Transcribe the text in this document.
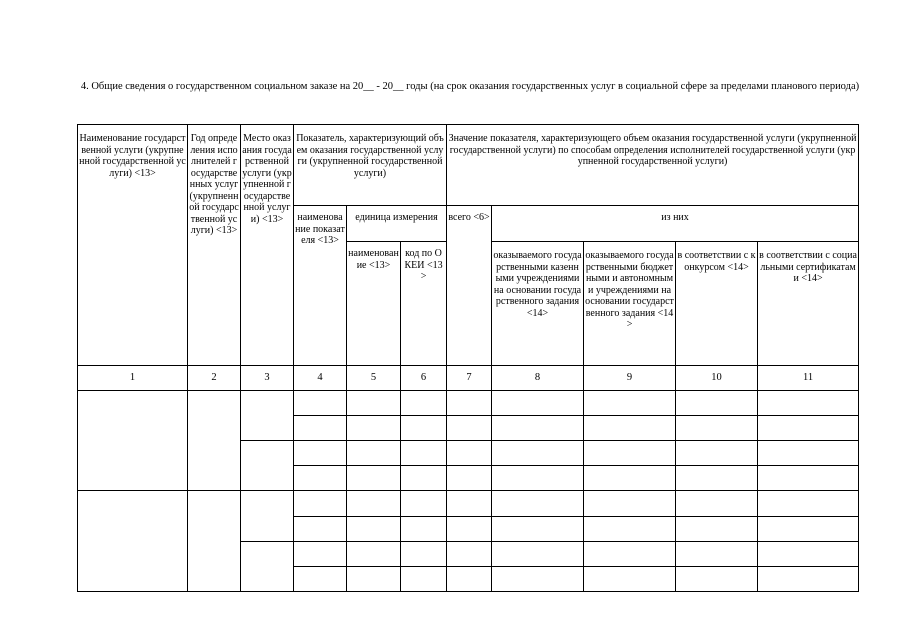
4. Общие сведения о государственном социальном заказе на 20__ - 20__ годы (на срок оказания государственных услуг в социальной сфере за пределами планового периода)
Наименование государственной услуги (укрупненной государственной услуги) <13>	Год определения исполнителей государственных услуг (укрупненной государственной услуги) <13>	Место оказания государственной услуги (укрупненной государственной услуги) <13>	Показатель, характеризующий объем оказания государственной услуги (укрупненной государственной услуги)			Значение показателя, характеризующего объем оказания государственной услуги (укрупненной государственной услуги) по способам определения исполнителей государственной услуги (укрупненной государственной услуги)				
			наименование показателя <13>	единица измерения		всего <6>	из них			
				наименование <13>	код по ОКЕИ <13>		оказываемого государственными казенными учреждениями на основании государственного задания <14>	оказываемого государственными бюджетными и автономными учреждениями на основании государственного задания <14>	в соответствии с конкурсом <14>	в соответствии с социальными сертификатами <14>
1	2	3	4	5	6	7	8	9	10	11
